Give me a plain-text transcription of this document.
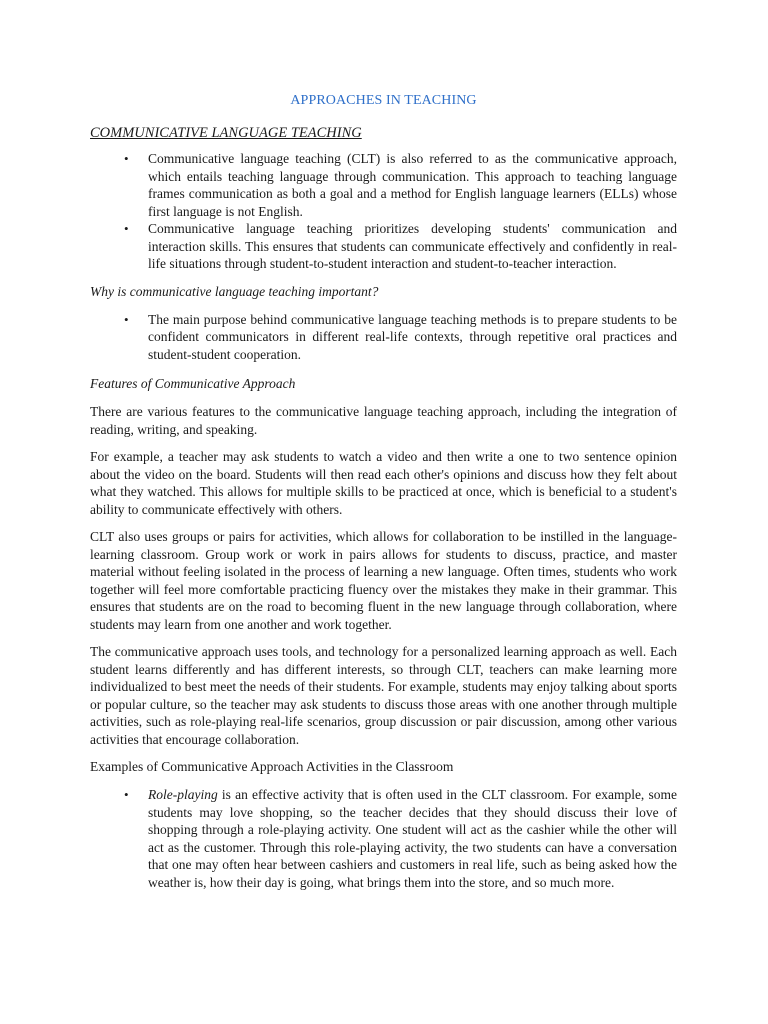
APPROACHES IN TEACHING
COMMUNICATIVE LANGUAGE TEACHING
• Communicative language teaching (CLT) is also referred to as the communicative approach, which entails teaching language through communication. This approach to teaching language frames communication as both a goal and a method for English language learners (ELLs) whose first language is not English.
• Communicative language teaching prioritizes developing students' communication and interaction skills. This ensures that students can communicate effectively and confidently in real-life situations through student-to-student interaction and student-to-teacher interaction.
Why is communicative language teaching important?
• The main purpose behind communicative language teaching methods is to prepare students to be confident communicators in different real-life contexts, through repetitive oral practices and student-student cooperation.
Features of Communicative Approach

There are various features to the communicative language teaching approach, including the integration of reading, writing, and speaking.

For example, a teacher may ask students to watch a video and then write a one to two sentence opinion about the video on the board. Students will then read each other's opinions and discuss how they felt about what they watched. This allows for multiple skills to be practiced at once, which is beneficial to a student's ability to communicate effectively with others.

CLT also uses groups or pairs for activities, which allows for collaboration to be instilled in the language-learning classroom. Group work or work in pairs allows for students to discuss, practice, and master material without feeling isolated in the process of learning a new language. Often times, students who work together will feel more comfortable practicing fluency over the mistakes they make in their grammar. This ensures that students are on the road to becoming fluent in the new language through collaboration, where students may learn from one another and work together.

The communicative approach uses tools, and technology for a personalized learning approach as well. Each student learns differently and has different interests, so through CLT, teachers can make learning more individualized to best meet the needs of their students. For example, students may enjoy talking about sports or popular culture, so the teacher may ask students to discuss those areas with one another through multiple activities, such as role-playing real-life scenarios, group discussion or pair discussion, among other various activities that encourage collaboration.

Examples of Communicative Approach Activities in the Classroom
• Role-playing is an effective activity that is often used in the CLT classroom. For example, some students may love shopping, so the teacher decides that they should discuss their love of shopping through a role-playing activity. One student will act as the cashier while the other will act as the customer. Through this role-playing activity, the two students can have a conversation that one may often hear between cashiers and customers in real life, such as being asked how the weather is, how their day is going, what brings them into the store, and so much more.
